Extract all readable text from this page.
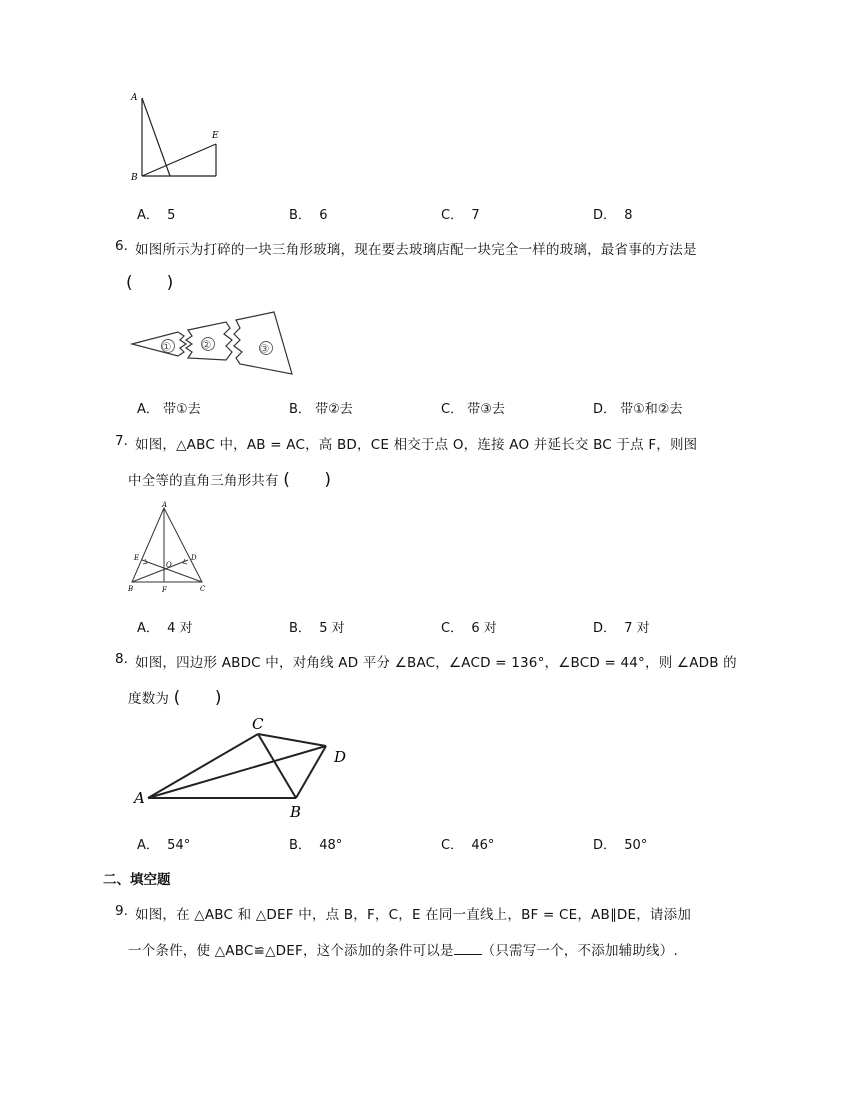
A
B
E
A． 5	B． 6	C． 7	D． 8
6. 如图所示为打碎的一块三角形玻璃，现在要去玻璃店配一块完全一样的玻璃，最省事的方法是
(　　)
①	②	③
A． 带①去	B． 带②去	C． 带③去	D． 带①和②去
7. 如图，△ABC 中，AB = AC，高 BD，CE 相交于点 O，连接 AO 并延长交 BC 于点 F，则图
中全等的直角三角形共有 (　　)
A
E	D
O
B	F	C
A． 4 对	B． 5 对	C． 6 对	D． 7 对
8. 如图，四边形 ABDC 中，对角线 AD 平分 ∠BAC，∠ACD = 136°，∠BCD = 44°，则 ∠ADB 的
度数为 (　　)
A
C
D
B
A． 54°	B． 48°	C． 46°	D． 50°
二、填空题
9. 如图，在 △ABC 和 △DEF 中，点 B，F，C，E 在同一直线上，BF = CE，AB∥DE，请添加
一个条件，使 △ABC≌△DEF，这个添加的条件可以是 （只需写一个，不添加辅助线）.
